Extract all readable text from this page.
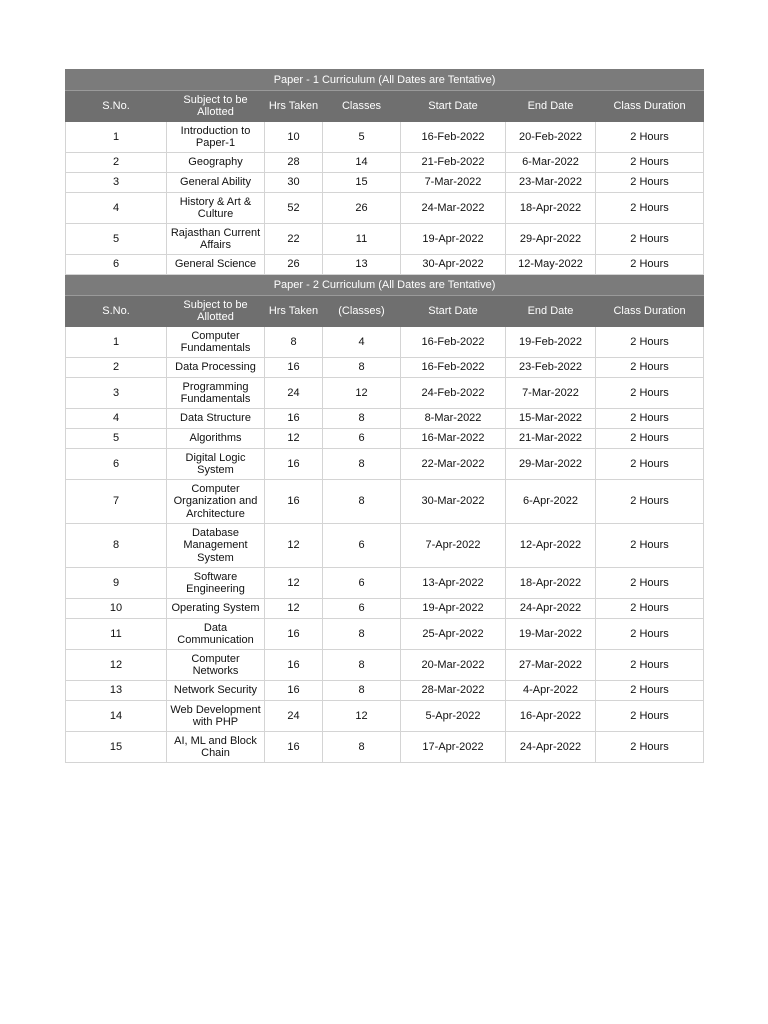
Paper - 1 Curriculum (All Dates are Tentative)						
S.No.	Subject to be Allotted	Hrs Taken	Classes	Start Date	End Date	Class Duration
1	Introduction to Paper-1	10	5	16-Feb-2022	20-Feb-2022	2 Hours
2	Geography	28	14	21-Feb-2022	6-Mar-2022	2 Hours
3	General Ability	30	15	7-Mar-2022	23-Mar-2022	2 Hours
4	History & Art & Culture	52	26	24-Mar-2022	18-Apr-2022	2 Hours
5	Rajasthan Current Affairs	22	11	19-Apr-2022	29-Apr-2022	2 Hours
6	General Science	26	13	30-Apr-2022	12-May-2022	2 Hours
Paper - 2 Curriculum (All Dates are Tentative)						
S.No.	Subject to be Allotted	Hrs Taken	(Classes)	Start Date	End Date	Class Duration
1	Computer Fundamentals	8	4	16-Feb-2022	19-Feb-2022	2 Hours
2	Data Processing	16	8	16-Feb-2022	23-Feb-2022	2 Hours
3	Programming Fundamentals	24	12	24-Feb-2022	7-Mar-2022	2 Hours
4	Data Structure	16	8	8-Mar-2022	15-Mar-2022	2 Hours
5	Algorithms	12	6	16-Mar-2022	21-Mar-2022	2 Hours
6	Digital Logic System	16	8	22-Mar-2022	29-Mar-2022	2 Hours
7	Computer Organization and Architecture	16	8	30-Mar-2022	6-Apr-2022	2 Hours
8	Database Management System	12	6	7-Apr-2022	12-Apr-2022	2 Hours
9	Software Engineering	12	6	13-Apr-2022	18-Apr-2022	2 Hours
10	Operating System	12	6	19-Apr-2022	24-Apr-2022	2 Hours
11	Data Communication	16	8	25-Apr-2022	19-Mar-2022	2 Hours
12	Computer Networks	16	8	20-Mar-2022	27-Mar-2022	2 Hours
13	Network Security	16	8	28-Mar-2022	4-Apr-2022	2 Hours
14	Web Development with PHP	24	12	5-Apr-2022	16-Apr-2022	2 Hours
15	AI, ML and Block Chain	16	8	17-Apr-2022	24-Apr-2022	2 Hours
